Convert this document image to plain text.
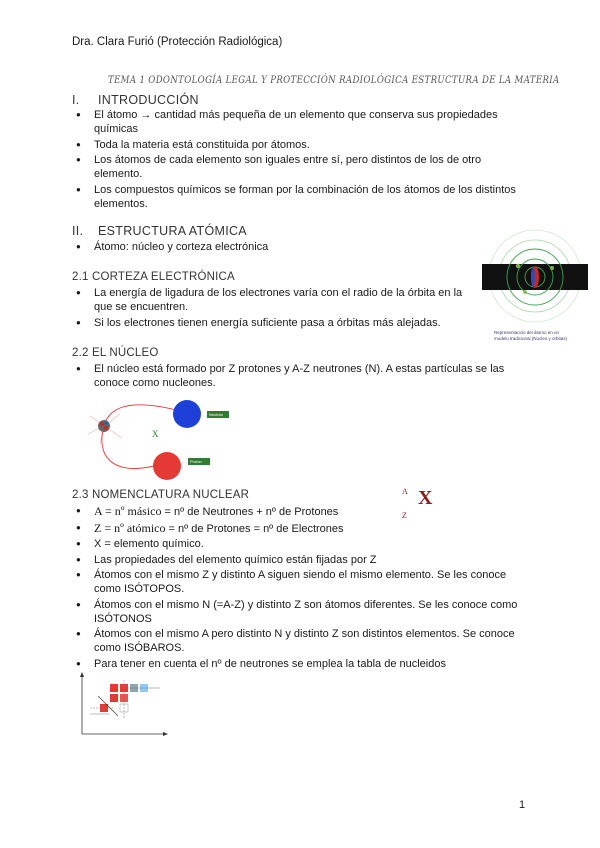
Dra. Clara Furió (Protección Radiológica)
TEMA 1 ODONTOLOGÍA LEGAL Y PROTECCIÓN RADIOLÓGICA ESTRUCTURA DE LA MATERIA
I. INTRODUCCIÓN
● El átomo → cantidad más pequeña de un elemento que conserva sus propiedades químicas
● Toda la materia está constituida por átomos.
● Los átomos de cada elemento son iguales entre sí, pero distintos de los de otro elemento.
● Los compuestos químicos se forman por la combinación de los átomos de los distintos elementos.
II. ESTRUCTURA ATÓMICA
● Átomo: núcleo y corteza electrónica
Representación del átomo en un modelo tradicional (Nucleo y orbitas)
2.1 CORTEZA ELECTRÓNICA
● La energía de ligadura de los electrones varía con el radio de la órbita en la que se encuentren.
● Si los electrones tienen energía suficiente pasa a órbitas más alejadas.
2.2 EL NÚCLEO
● El núcleo está formado por Z protones y A-Z neutrones (N). A estas partículas se las conoce como nucleones.
X
Neutrón
Protón
2.3 NOMENCLATURA NUCLEAR	A
Z
X
● A = nº másico = nº de Neutrones + nº de Protones
● Z = nº atómico = nº de Protones = nº de Electrones
● X = elemento químico.
● Las propiedades del elemento químico están fijadas por Z
● Átomos con el mismo Z y distinto A siguen siendo el mismo elemento. Se les conoce como ISÓTOPOS.
● Átomos con el mismo N (=A-Z) y distinto Z son átomos diferentes. Se les conoce como ISÓTONOS
● Átomos con el mismo A pero distinto N y distinto Z son distintos elementos. Se conoce como ISÓBAROS.
● Para tener en cuenta el nº de neutrones se emplea la tabla de nucleidos
1
